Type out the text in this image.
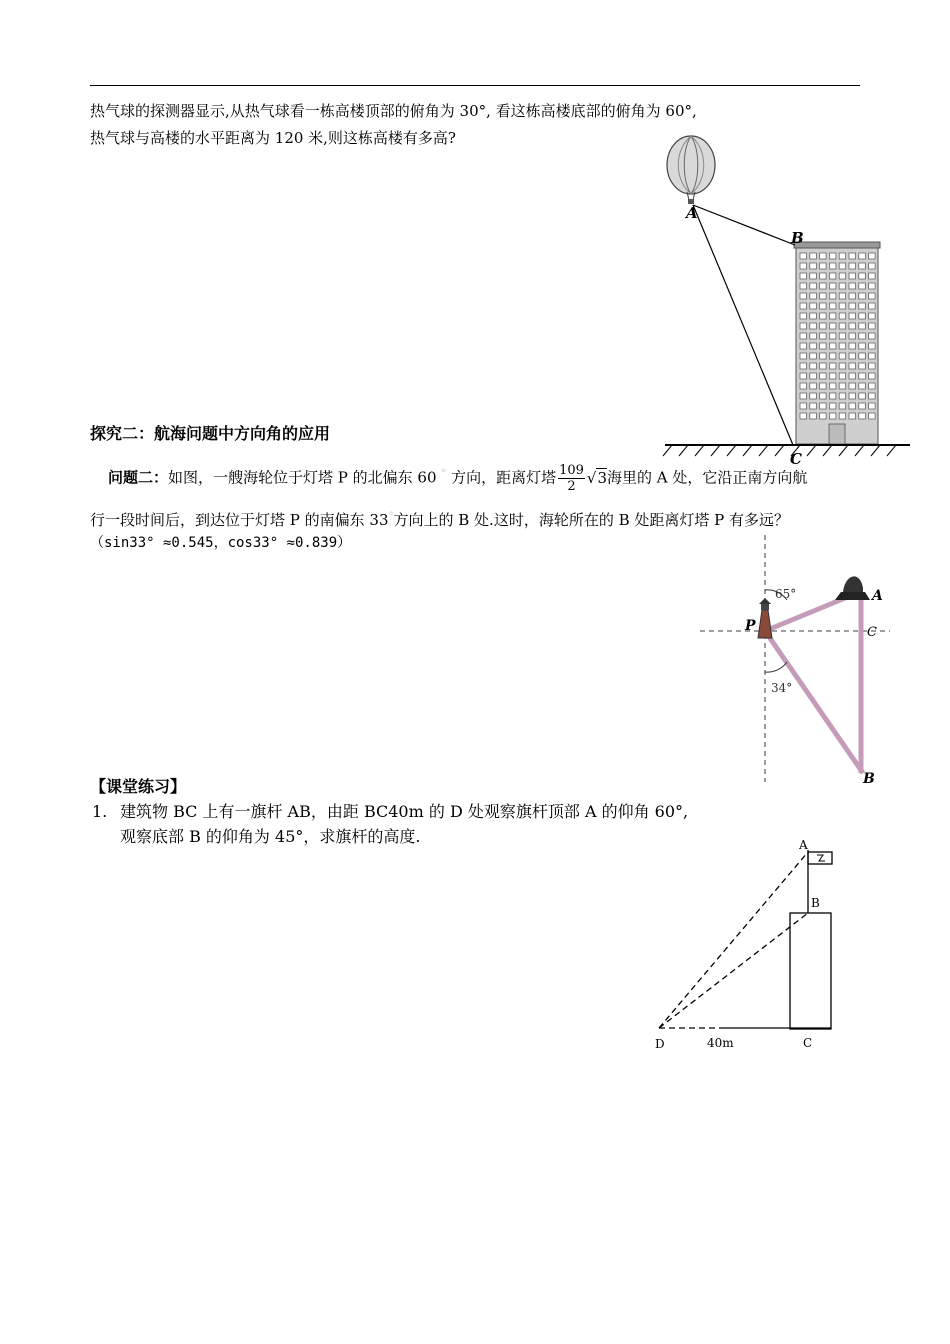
热气球的探测器显示,从热气球看一栋高楼顶部的俯角为 30°, 看这栋高楼底部的俯角为 60°,
热气球与高楼的水平距离为 120 米,则这栋高楼有多高?
A
B
C
探究二：航海问题中方向角的应用
问题二：如图，一艘海轮位于灯塔 P 的北偏东 60 ° 方向，距离灯塔 $\frac{109}{2} √3$海里的 A 处，它沿正南方向航
行一段时间后，到达位于灯塔 P 的南偏东 33°方向上的 B 处.这时，海轮所在的 B 处距离灯塔 P 有多远？
（sin33° ≈0.545，cos33° ≈0.839）
65°
34°
P
A
C
B
【课堂练习】
1. 建筑物 BC 上有一旗杆 AB，由距 BC40m 的 D 处观察旗杆顶部 A 的仰角 60°,
观察底部 B 的仰角为 45°，求旗杆的高度.	A
B
C
D	40m
